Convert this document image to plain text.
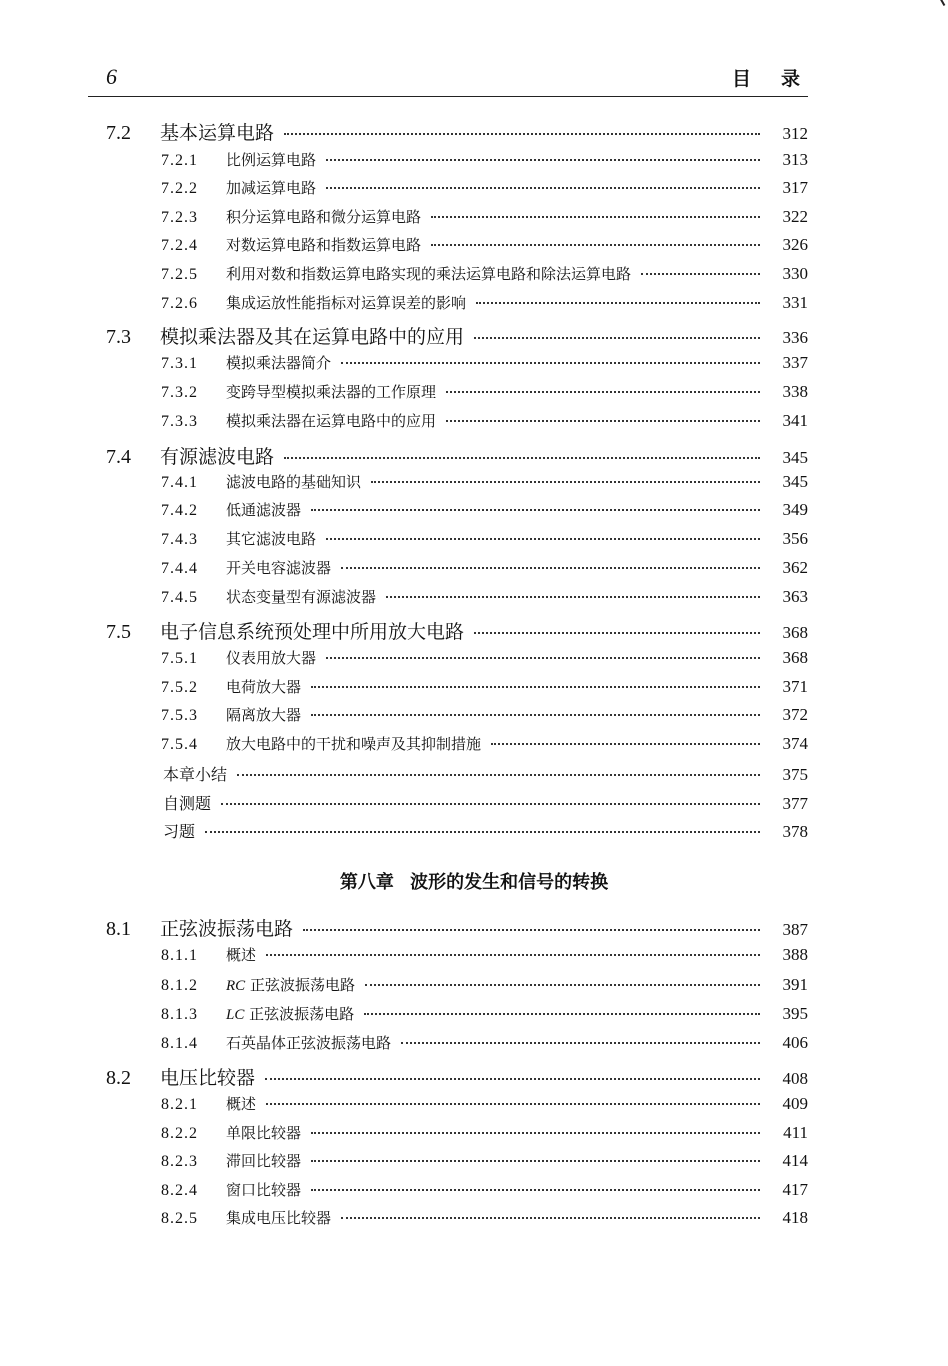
6	目录
7.2	基本运算电路	312
7.2.1	比例运算电路	313
7.2.2	加减运算电路	317
7.2.3	积分运算电路和微分运算电路	322
7.2.4	对数运算电路和指数运算电路	326
7.2.5	利用对数和指数运算电路实现的乘法运算电路和除法运算电路	330
7.2.6	集成运放性能指标对运算误差的影响	331
7.3	模拟乘法器及其在运算电路中的应用	336
7.3.1	模拟乘法器简介	337
7.3.2	变跨导型模拟乘法器的工作原理	338
7.3.3	模拟乘法器在运算电路中的应用	341
7.4	有源滤波电路	345
7.4.1	滤波电路的基础知识	345
7.4.2	低通滤波器	349
7.4.3	其它滤波电路	356
7.4.4	开关电容滤波器	362
7.4.5	状态变量型有源滤波器	363
7.5	电子信息系统预处理中所用放大电路	368
7.5.1	仪表用放大器	368
7.5.2	电荷放大器	371
7.5.3	隔离放大器	372
7.5.4	放大电路中的干扰和噪声及其抑制措施	374
本章小结	375
自测题	377
习题	378
8.1	正弦波振荡电路	387
8.1.1	概述	388
8.1.2	RC 正弦波振荡电路	391
8.1.3	LC 正弦波振荡电路	395
8.1.4	石英晶体正弦波振荡电路	406
8.2	电压比较器	408
8.2.1	概述	409
8.2.2	单限比较器	411
8.2.3	滞回比较器	414
8.2.4	窗口比较器	417
8.2.5	集成电压比较器	418
第八章 波形的发生和信号的转换
